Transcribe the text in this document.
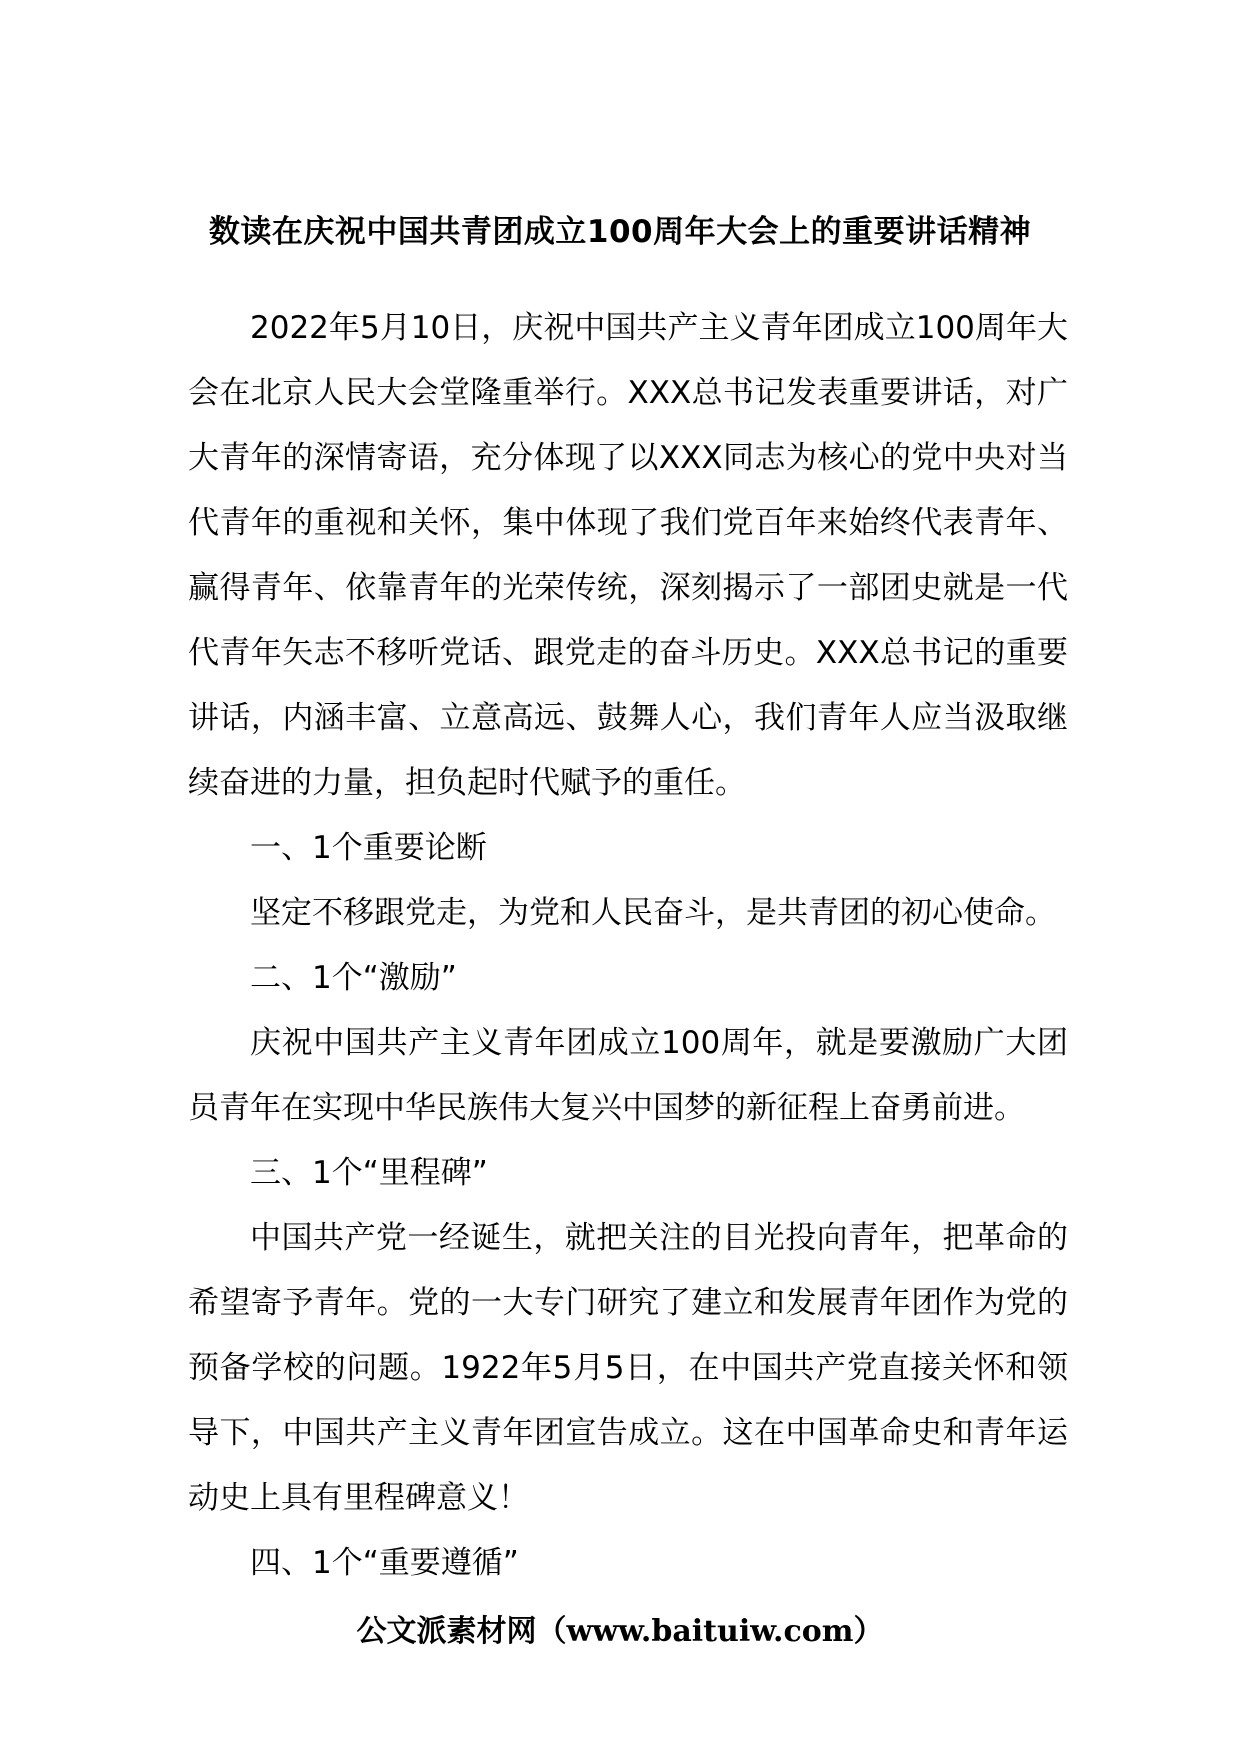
数读在庆祝中国共青团成立100周年大会上的重要讲话精神

2022年5月10日，庆祝中国共产主义青年团成立100周年大会在北京人民大会堂隆重举行。XXX总书记发表重要讲话，对广大青年的深情寄语，充分体现了以XXX同志为核心的党中央对当代青年的重视和关怀，集中体现了我们党百年来始终代表青年、赢得青年、依靠青年的光荣传统，深刻揭示了一部团史就是一代代青年矢志不移听党话、跟党走的奋斗历史。XXX总书记的重要讲话，内涵丰富、立意高远、鼓舞人心，我们青年人应当汲取继续奋进的力量，担负起时代赋予的重任。

一、1个重要论断

坚定不移跟党走，为党和人民奋斗，是共青团的初心使命。

二、1个“激励”

庆祝中国共产主义青年团成立100周年，就是要激励广大团员青年在实现中华民族伟大复兴中国梦的新征程上奋勇前进。

三、1个“里程碑”

中国共产党一经诞生，就把关注的目光投向青年，把革命的希望寄予青年。党的一大专门研究了建立和发展青年团作为党的预备学校的问题。1922年5月5日，在中国共产党直接关怀和领导下，中国共产主义青年团宣告成立。这在中国革命史和青年运动史上具有里程碑意义！

四、1个“重要遵循”

公文派素材网（www.baituiw.com）
